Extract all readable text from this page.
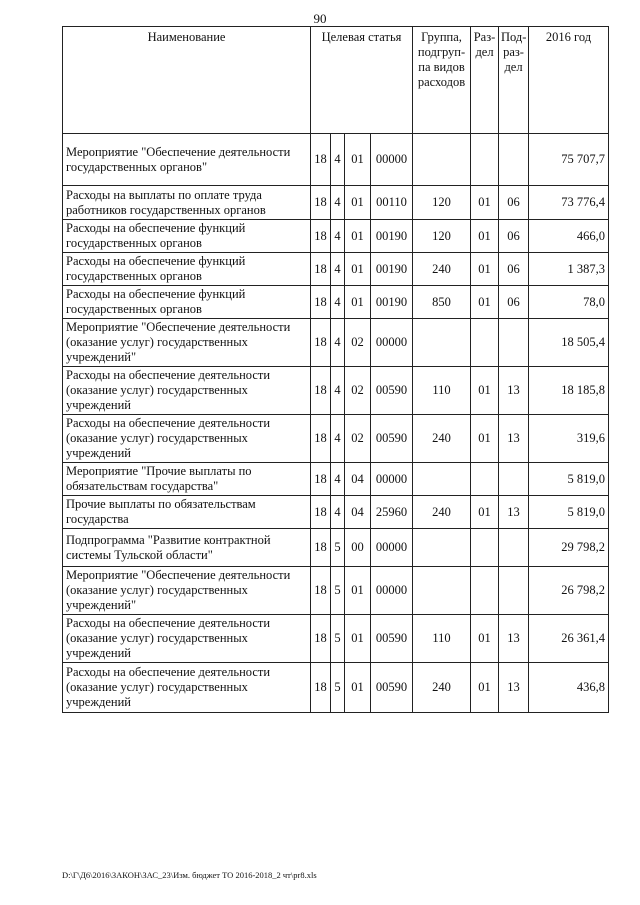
90
Наименование	Целевая статья				Группа, подгруп-па видов расходов	Раз-дел	Под-раз-дел	2016 год
Мероприятие "Обеспечение деятельности государственных органов"	18	4	01	00000				75 707,7
Расходы на выплаты по оплате труда работников государственных органов	18	4	01	00110	120	01	06	73 776,4
Расходы на обеспечение функций государственных органов	18	4	01	00190	120	01	06	466,0
Расходы на обеспечение функций государственных органов	18	4	01	00190	240	01	06	1 387,3
Расходы на обеспечение функций государственных органов	18	4	01	00190	850	01	06	78,0
Мероприятие "Обеспечение деятельности (оказание услуг) государственных учреждений"	18	4	02	00000				18 505,4
Расходы на обеспечение деятельности (оказание услуг) государственных учреждений	18	4	02	00590	110	01	13	18 185,8
Расходы на обеспечение деятельности (оказание услуг) государственных учреждений	18	4	02	00590	240	01	13	319,6
Мероприятие "Прочие выплаты по обязательствам государства"	18	4	04	00000				5 819,0
Прочие выплаты по обязательствам государства	18	4	04	25960	240	01	13	5 819,0
Подпрограмма "Развитие контрактной системы Тульской области"	18	5	00	00000				29 798,2
Мероприятие "Обеспечение деятельности (оказание услуг) государственных учреждений"	18	5	01	00000				26 798,2
Расходы на обеспечение деятельности (оказание услуг) государственных учреждений	18	5	01	00590	110	01	13	26 361,4
Расходы на обеспечение деятельности (оказание услуг) государственных учреждений	18	5	01	00590	240	01	13	436,8
D:\Г\Д6\2016\ЗАКОН\ЗАС_23\Изм. бюджет ТО 2016-2018_2 чт\pr8.xls
